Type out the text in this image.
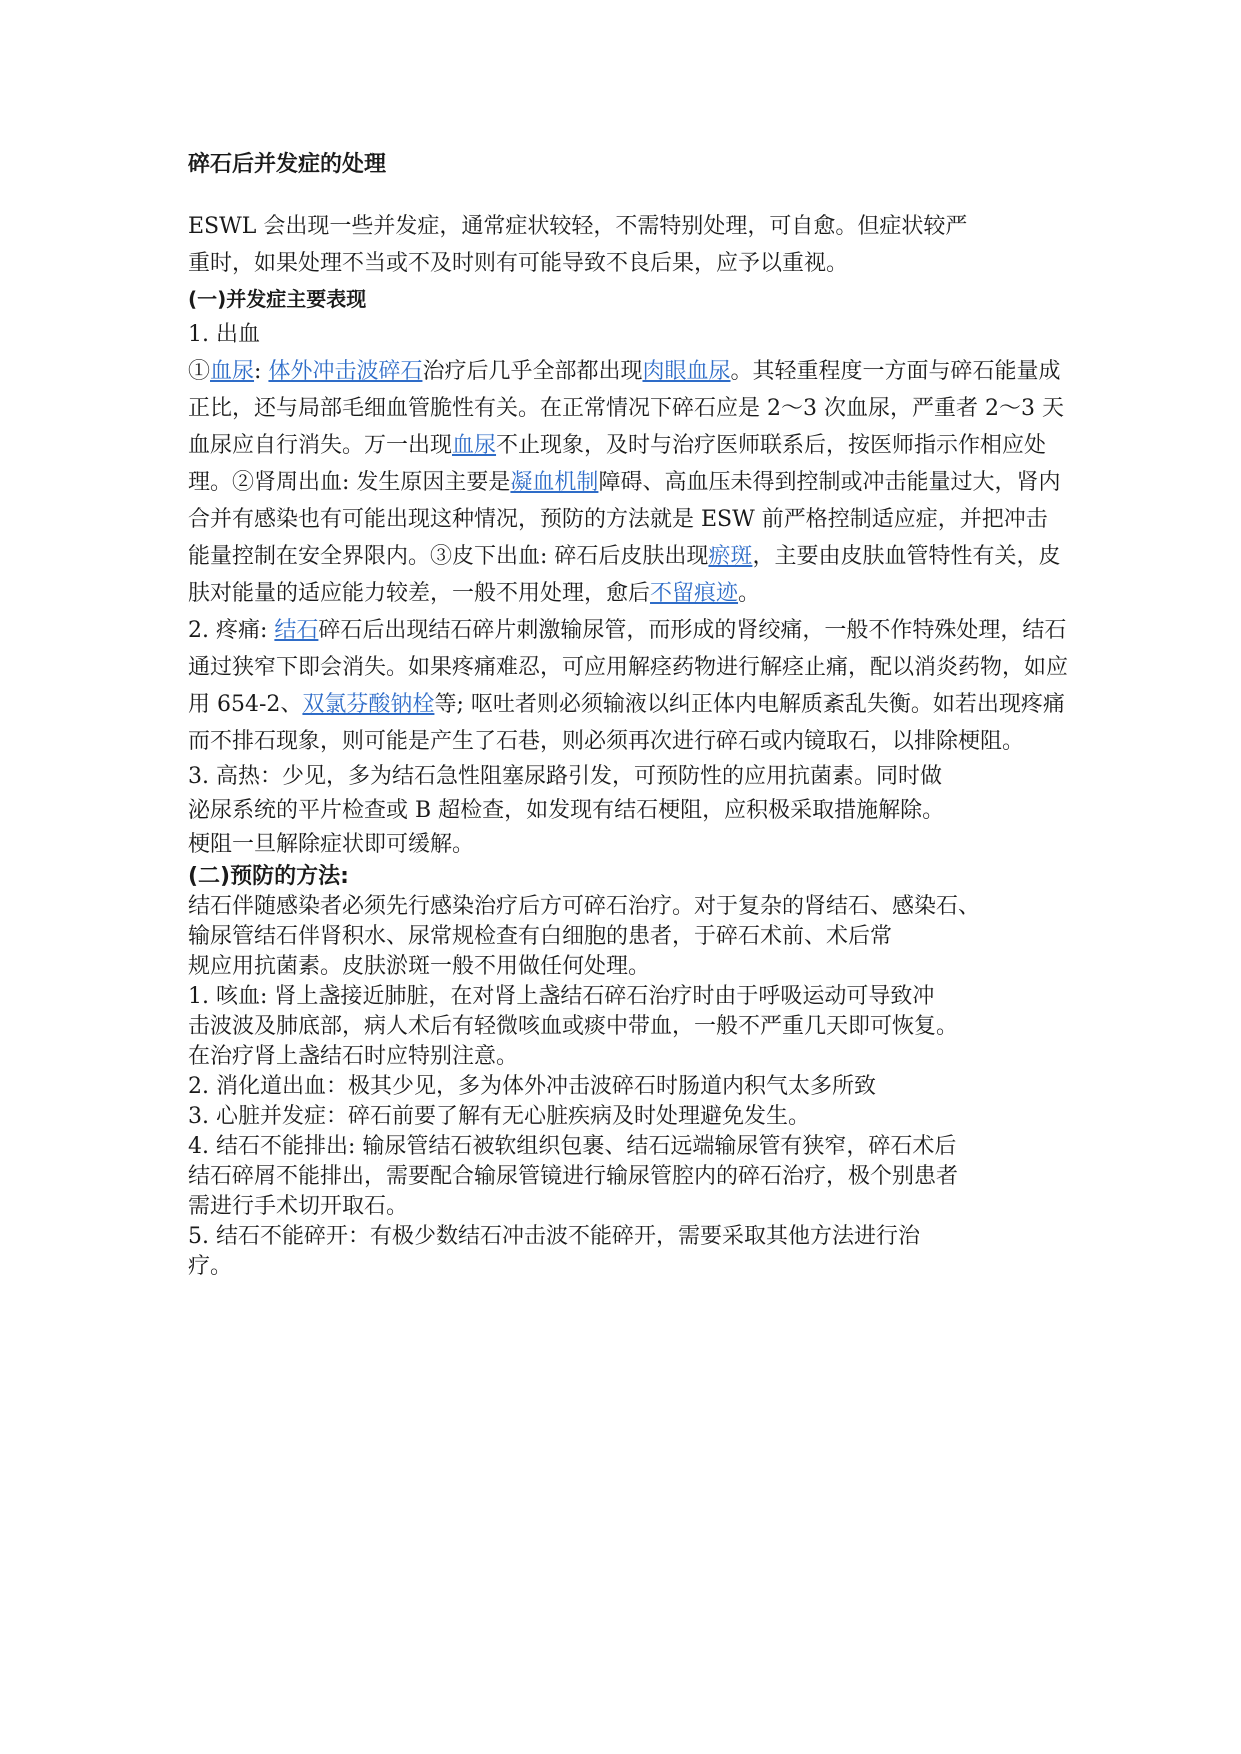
碎石后并发症的处理

ESWL 会出现一些并发症，通常症状较轻，不需特别处理，可自愈。但症状较严

重时，如果处理不当或不及时则有可能导致不良后果，应予以重视。

(一)并发症主要表现

1. 出血

①血尿: 体外冲击波碎石治疗后几乎全部都出现肉眼血尿。其轻重程度一方面与碎石能量成正比，还与局部毛细血管脆性有关。在正常情况下碎石应是 2～3 次血尿，严重者 2～3 天血尿应自行消失。万一出现血尿不止现象，及时与治疗医师联系后，按医师指示作相应处理。②肾周出血: 发生原因主要是凝血机制障碍、高血压未得到控制或冲击能量过大，肾内合并有感染也有可能出现这种情况，预防的方法就是 ESW 前严格控制适应症，并把冲击能量控制在安全界限内。③皮下出血: 碎石后皮肤出现瘀斑，主要由皮肤血管特性有关，皮肤对能量的适应能力较差，一般不用处理，愈后不留痕迹。

2. 疼痛: 结石碎石后出现结石碎片刺激输尿管，而形成的肾绞痛，一般不作特殊处理，结石通过狭窄下即会消失。如果疼痛难忍，可应用解痉药物进行解痉止痛，配以消炎药物，如应用 654-2、双氯芬酸钠栓等; 呕吐者则必须输液以纠正体内电解质紊乱失衡。如若出现疼痛而不排石现象，则可能是产生了石巷，则必须再次进行碎石或内镜取石，以排除梗阻。

3. 高热：少见，多为结石急性阻塞尿路引发，可预防性的应用抗菌素。同时做

泌尿系统的平片检查或 B 超检查，如发现有结石梗阻，应积极采取措施解除。

梗阻一旦解除症状即可缓解。

(二)预防的方法:

结石伴随感染者必须先行感染治疗后方可碎石治疗。对于复杂的肾结石、感染石、

输尿管结石伴肾积水、尿常规检查有白细胞的患者，于碎石术前、术后常

规应用抗菌素。皮肤淤斑一般不用做任何处理。

1. 咳血: 肾上盏接近肺脏，在对肾上盏结石碎石治疗时由于呼吸运动可导致冲

击波波及肺底部，病人术后有轻微咳血或痰中带血，一般不严重几天即可恢复。

在治疗肾上盏结石时应特别注意。

2. 消化道出血：极其少见，多为体外冲击波碎石时肠道内积气太多所致

3. 心脏并发症：碎石前要了解有无心脏疾病及时处理避免发生。

4. 结石不能排出: 输尿管结石被软组织包裹、结石远端输尿管有狭窄，碎石术后

结石碎屑不能排出，需要配合输尿管镜进行输尿管腔内的碎石治疗，极个别患者

需进行手术切开取石。

5. 结石不能碎开：有极少数结石冲击波不能碎开，需要采取其他方法进行治

疗。
